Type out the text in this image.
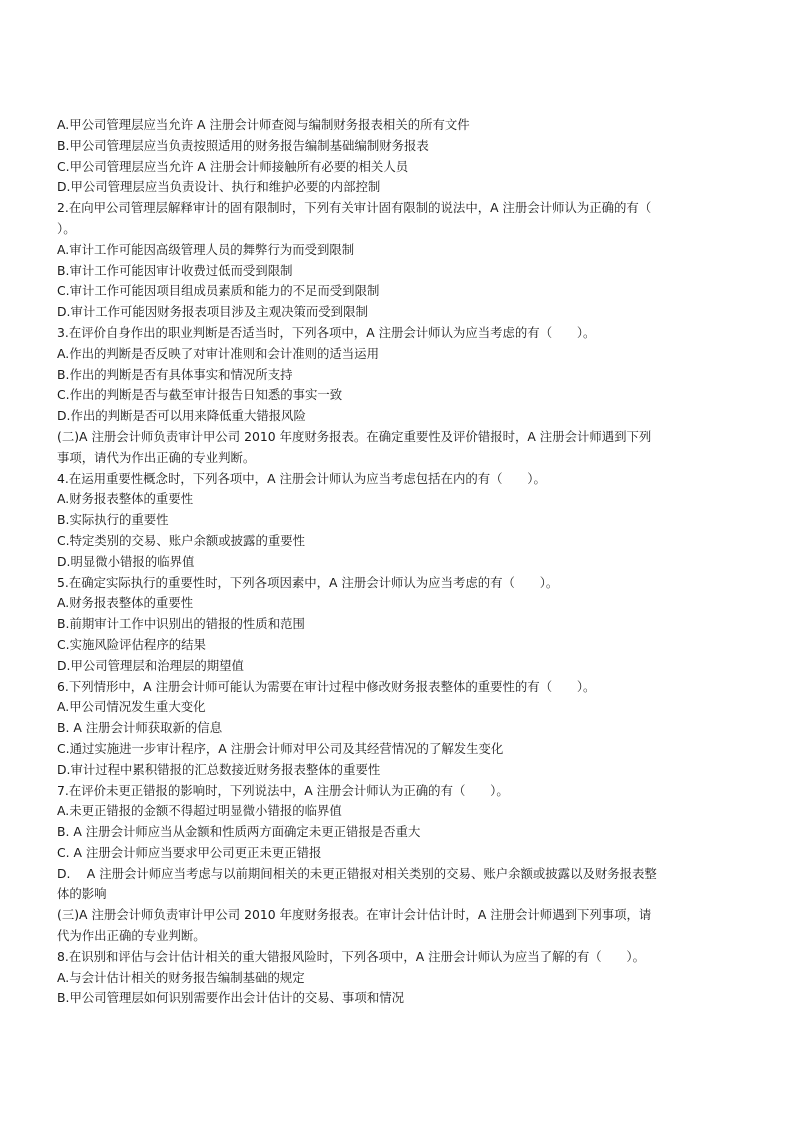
A.甲公司管理层应当允许 A 注册会计师查阅与编制财务报表相关的所有文件
B.甲公司管理层应当负责按照适用的财务报告编制基础编制财务报表
C.甲公司管理层应当允许 A 注册会计师接触所有必要的相关人员
D.甲公司管理层应当负责设计、执行和维护必要的内部控制
2.在向甲公司管理层解释审计的固有限制时，下列有关审计固有限制的说法中，A 注册会计师认为正确的有（
）。
A.审计工作可能因高级管理人员的舞弊行为而受到限制
B.审计工作可能因审计收费过低而受到限制
C.审计工作可能因项目组成员素质和能力的不足而受到限制
D.审计工作可能因财务报表项目涉及主观决策而受到限制
3.在评价自身作出的职业判断是否适当时，下列各项中，A 注册会计师认为应当考虑的有（　　）。
A.作出的判断是否反映了对审计准则和会计准则的适当运用
B.作出的判断是否有具体事实和情况所支持
C.作出的判断是否与截至审计报告日知悉的事实一致
D.作出的判断是否可以用来降低重大错报风险
(二)A 注册会计师负责审计甲公司 2010 年度财务报表。在确定重要性及评价错报时，A 注册会计师遇到下列
事项，请代为作出正确的专业判断。
4.在运用重要性概念时，下列各项中，A 注册会计师认为应当考虑包括在内的有（　　）。
A.财务报表整体的重要性
B.实际执行的重要性
C.特定类别的交易、账户余额或披露的重要性
D.明显微小错报的临界值
5.在确定实际执行的重要性时，下列各项因素中，A 注册会计师认为应当考虑的有（　　）。
A.财务报表整体的重要性
B.前期审计工作中识别出的错报的性质和范围
C.实施风险评估程序的结果
D.甲公司管理层和治理层的期望值
6.下列情形中，A 注册会计师可能认为需要在审计过程中修改财务报表整体的重要性的有（　　）。
A.甲公司情况发生重大变化
B. A 注册会计师获取新的信息
C.通过实施进一步审计程序，A 注册会计师对甲公司及其经营情况的了解发生变化
D.审计过程中累积错报的汇总数接近财务报表整体的重要性
7.在评价未更正错报的影响时，下列说法中，A 注册会计师认为正确的有（　　）。
A.未更正错报的金额不得超过明显微小错报的临界值
B. A 注册会计师应当从金额和性质两方面确定未更正错报是否重大
C. A 注册会计师应当要求甲公司更正未更正错报
D.　 A 注册会计师应当考虑与以前期间相关的未更正错报对相关类别的交易、账户余额或披露以及财务报表整
体的影响
(三)A 注册会计师负责审计甲公司 2010 年度财务报表。在审计会计估计时，A 注册会计师遇到下列事项，请
代为作出正确的专业判断。
8.在识别和评估与会计估计相关的重大错报风险时，下列各项中，A 注册会计师认为应当了解的有（　　）。
A.与会计估计相关的财务报告编制基础的规定
B.甲公司管理层如何识别需要作出会计估计的交易、事项和情况
